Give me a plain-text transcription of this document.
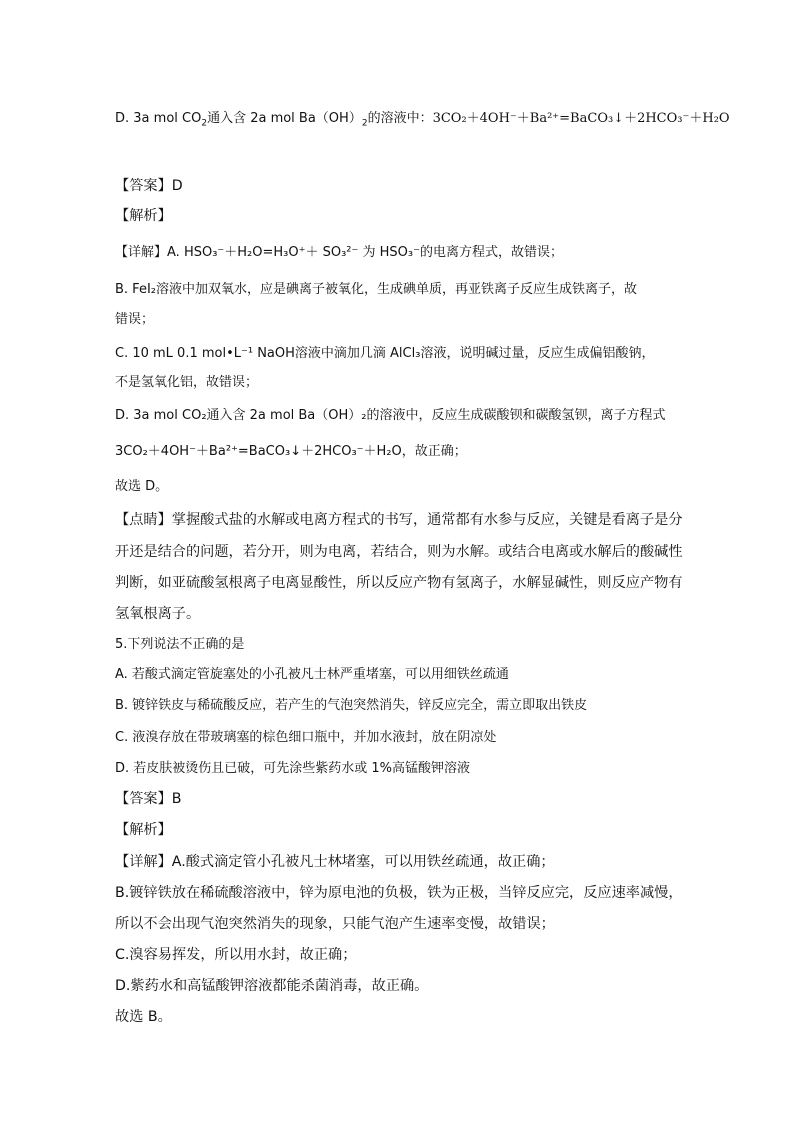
D. 3a mol $CO_2$通入含 2a mol $Ba(OH)_2$的溶液中：3CO₂＋4OH⁻＋Ba²⁺=BaCO₃↓＋2HCO₃⁻＋H₂O
【答案】D
【解析】
【详解】A. HSO₃⁻＋H₂O=H₃O⁺＋ SO₃²⁻ 为 HSO₃⁻的电离方程式，故错误；
B. FeI₂溶液中加双氧水，应是碘离子被氧化，生成碘单质，再亚铁离子反应生成铁离子，故
错误；
C. 10 mL 0.1 mol•L⁻¹ NaOH溶液中滴加几滴 AlCl₃溶液，说明碱过量，反应生成偏铝酸钠，
不是氢氧化铝，故错误；
D. 3a mol CO₂通入含 2a mol Ba（OH）₂的溶液中，反应生成碳酸钡和碳酸氢钡，离子方程式
3CO₂＋4OH⁻＋Ba²⁺=BaCO₃↓＋2HCO₃⁻＋H₂O，故正确；
故选 D。
【点睛】掌握酸式盐的水解或电离方程式的书写，通常都有水参与反应，关键是看离子是分
开还是结合的问题，若分开，则为电离，若结合，则为水解。或结合电离或水解后的酸碱性
判断，如亚硫酸氢根离子电离显酸性，所以反应产物有氢离子，水解显碱性，则反应产物有
氢氧根离子。
5.下列说法不正确的是
A. 若酸式滴定管旋塞处的小孔被凡士林严重堵塞，可以用细铁丝疏通
B. 镀锌铁皮与稀硫酸反应，若产生的气泡突然消失，锌反应完全，需立即取出铁皮
C. 液溴存放在带玻璃塞的棕色细口瓶中，并加水液封，放在阴凉处
D. 若皮肤被烫伤且已破，可先涂些紫药水或 1%高锰酸钾溶液
【答案】B
【解析】
【详解】A.酸式滴定管小孔被凡士林堵塞，可以用铁丝疏通，故正确；
B.镀锌铁放在稀硫酸溶液中，锌为原电池的负极，铁为正极，当锌反应完，反应速率减慢，
所以不会出现气泡突然消失的现象，只能气泡产生速率变慢，故错误；
C.溴容易挥发，所以用水封，故正确；
D.紫药水和高锰酸钾溶液都能杀菌消毒，故正确。
故选 B。
